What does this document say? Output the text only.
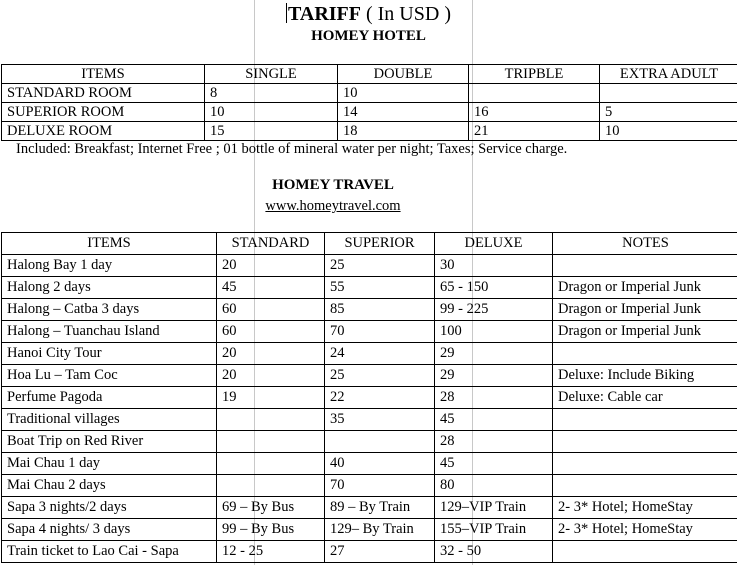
TARIFF ( In USD )
HOMEY HOTEL
ITEMS	SINGLE	DOUBLE	TRIPBLE	EXTRA ADULT
STANDARD ROOM	8	10		
SUPERIOR ROOM	10	14	16	5
DELUXE ROOM	15	18	21	10
Included: Breakfast; Internet Free ; 01 bottle of mineral water per night; Taxes; Service charge.
HOMEY TRAVEL
www.homeytravel.com
ITEMS	STANDARD	SUPERIOR	DELUXE	NOTES
Halong Bay 1 day	20	25	30	
Halong 2 days	45	55	65 - 150	Dragon or Imperial Junk
Halong – Catba 3 days	60	85	99 - 225	Dragon or Imperial Junk
Halong – Tuanchau Island	60	70	100	Dragon or Imperial Junk
Hanoi City Tour	20	24	29	
Hoa Lu – Tam Coc	20	25	29	Deluxe: Include Biking
Perfume Pagoda	19	22	28	Deluxe: Cable car
Traditional villages		35	45	
Boat Trip on Red River			28	
Mai Chau 1 day		40	45	
Mai Chau 2 days		70	80	
Sapa 3 nights/2 days	69 – By Bus	89 – By Train	129–VIP Train	2- 3* Hotel; HomeStay
Sapa 4 nights/ 3 days	99 – By Bus	129– By Train	155–VIP Train	2- 3* Hotel; HomeStay
Train ticket to Lao Cai - Sapa	12 - 25	27	32 - 50	
